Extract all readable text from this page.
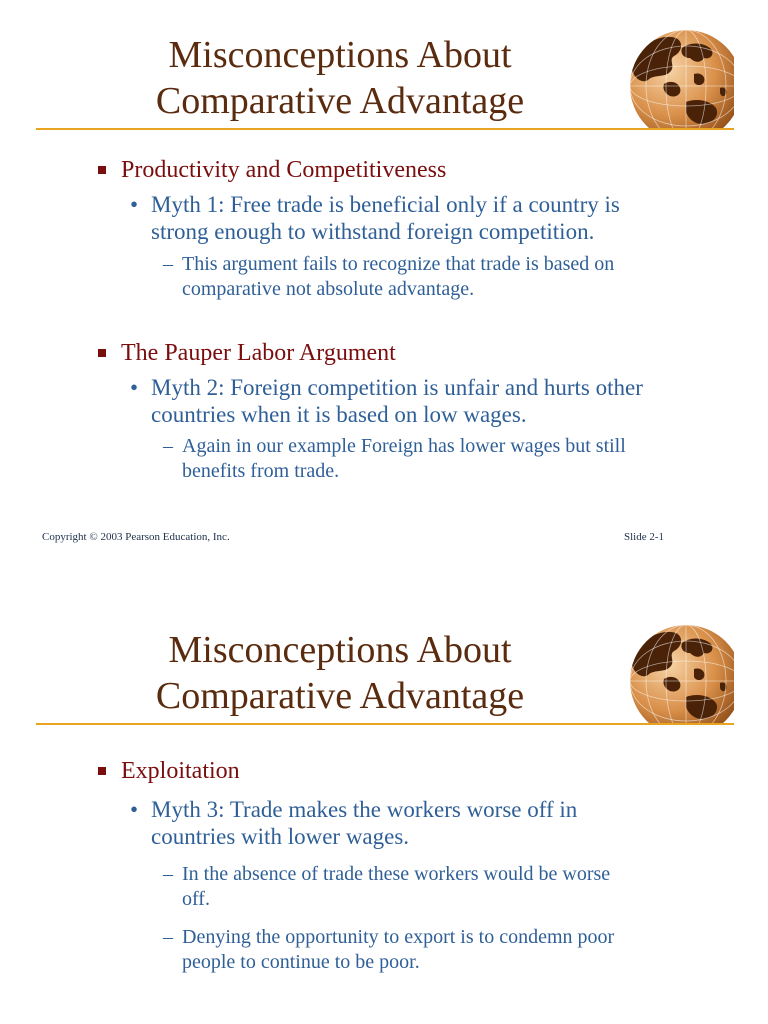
Misconceptions About
Comparative Advantage
Productivity and Competitiveness
• Myth 1: Free trade is beneficial only if a country is
strong enough to withstand foreign competition.
– This argument fails to recognize that trade is based on
comparative not absolute advantage.
The Pauper Labor Argument
• Myth 2: Foreign competition is unfair and hurts other
countries when it is based on low wages.
– Again in our example Foreign has lower wages but still
benefits from trade.
Copyright © 2003 Pearson Education, Inc.	Slide 2-1
Misconceptions About
Comparative Advantage
Exploitation
• Myth 3: Trade makes the workers worse off in
countries with lower wages.
– In the absence of trade these workers would be worse
off.
– Denying the opportunity to export is to condemn poor
people to continue to be poor.
